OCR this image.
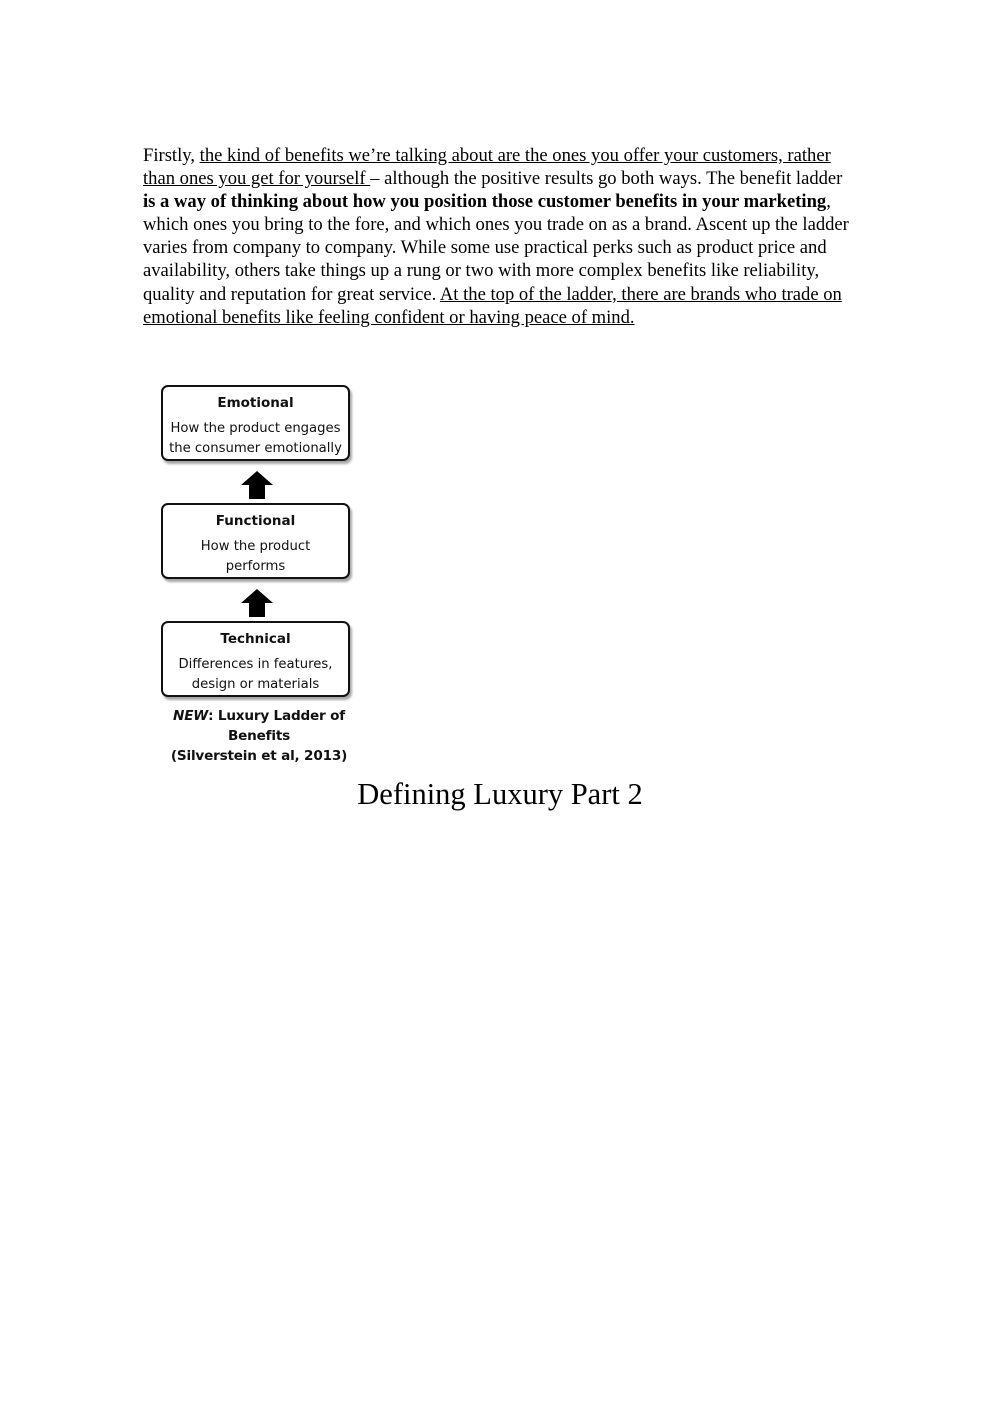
Firstly, the kind of benefits we’re talking about are the ones you offer your customers, rather than ones you get for yourself – although the positive results go both ways. The benefit ladder is a way of thinking about how you position those customer benefits in your marketing, which ones you bring to the fore, and which ones you trade on as a brand. Ascent up the ladder varies from company to company. While some use practical perks such as product price and availability, others take things up a rung or two with more complex benefits like reliability, quality and reputation for great service. At the top of the ladder, there are brands who trade on emotional benefits like feeling confident or having peace of mind.

Emotional
How the product engages
the consumer emotionally
Functional
How the product
performs
Technical
Differences in features,
design or materials
NEW: Luxury Ladder of Benefits
(Silverstein et al, 2013)
Defining Luxury Part 2
